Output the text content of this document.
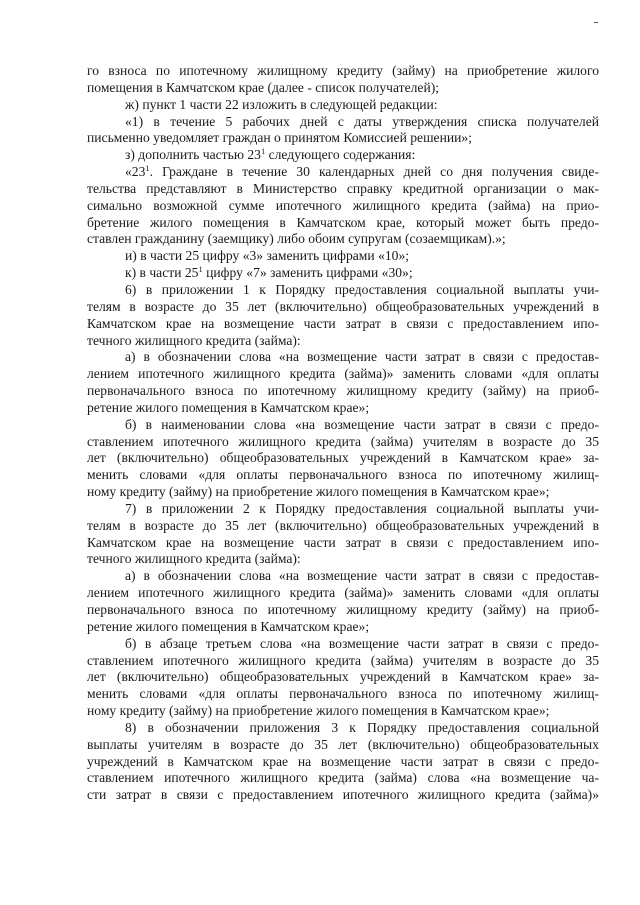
го взноса по ипотечному жилищному кредиту (займу) на приобретение жилого
помещения в Камчатском крае (далее - список получателей);
ж) пункт 1 части 22 изложить в следующей редакции:
«1) в течение 5 рабочих дней с даты утверждения списка получателей
письменно уведомляет граждан о принятом Комиссией решении»;
з) дополнить частью $23^1$ следующего содержания:
«$23^1$. Граждане в течение 30 календарных дней со дня получения свиде-
тельства представляют в Министерство справку кредитной организации о мак-
симально возможной сумме ипотечного жилищного кредита (займа) на прио-
бретение жилого помещения в Камчатском крае, который может быть предо-
ставлен гражданину (заемщику) либо обоим супругам (созаемщикам).»;
и) в части 25 цифру «3» заменить цифрами «10»;
к) в части $25^1$ цифру «7» заменить цифрами «30»;
6) в приложении 1 к Порядку предоставления социальной выплаты учи-
телям в возрасте до 35 лет (включительно) общеобразовательных учреждений в
Камчатском крае на возмещение части затрат в связи с предоставлением ипо-
течного жилищного кредита (займа):
а) в обозначении слова «на возмещение части затрат в связи с предостав-
лением ипотечного жилищного кредита (займа)» заменить словами «для оплаты
первоначального взноса по ипотечному жилищному кредиту (займу) на приоб-
ретение жилого помещения в Камчатском крае»;
б) в наименовании слова «на возмещение части затрат в связи с предо-
ставлением ипотечного жилищного кредита (займа) учителям в возрасте до 35
лет (включительно) общеобразовательных учреждений в Камчатском крае» за-
менить словами «для оплаты первоначального взноса по ипотечному жилищ-
ному кредиту (займу) на приобретение жилого помещения в Камчатском крае»;
7) в приложении 2 к Порядку предоставления социальной выплаты учи-
телям в возрасте до 35 лет (включительно) общеобразовательных учреждений в
Камчатском крае на возмещение части затрат в связи с предоставлением ипо-
течного жилищного кредита (займа):
а) в обозначении слова «на возмещение части затрат в связи с предостав-
лением ипотечного жилищного кредита (займа)» заменить словами «для оплаты
первоначального взноса по ипотечному жилищному кредиту (займу) на приоб-
ретение жилого помещения в Камчатском крае»;
б) в абзаце третьем слова «на возмещение части затрат в связи с предо-
ставлением ипотечного жилищного кредита (займа) учителям в возрасте до 35
лет (включительно) общеобразовательных учреждений в Камчатском крае» за-
менить словами «для оплаты первоначального взноса по ипотечному жилищ-
ному кредиту (займу) на приобретение жилого помещения в Камчатском крае»;
8) в обозначении приложения 3 к Порядку предоставления социальной
выплаты учителям в возрасте до 35 лет (включительно) общеобразовательных
учреждений в Камчатском крае на возмещение части затрат в связи с предо-
ставлением ипотечного жилищного кредита (займа) слова «на возмещение ча-
сти затрат в связи с предоставлением ипотечного жилищного кредита (займа)»
